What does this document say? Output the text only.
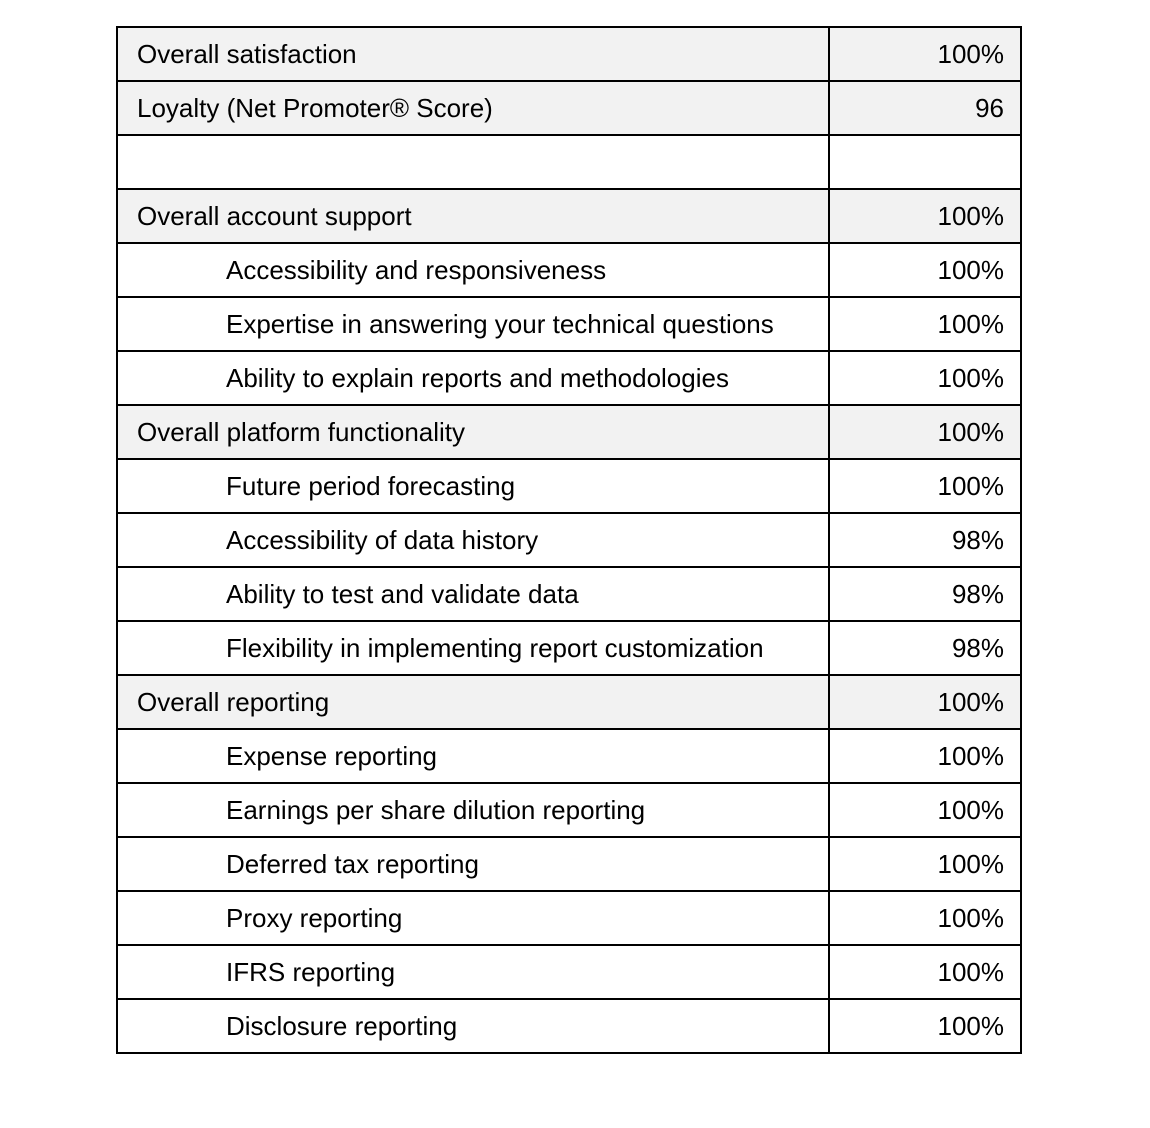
Overall satisfaction	100%
Loyalty (Net Promoter® Score)	96

Overall account support	100%
Accessibility and responsiveness	100%
Expertise in answering your technical questions	100%
Ability to explain reports and methodologies	100%
Overall platform functionality	100%
Future period forecasting	100%
Accessibility of data history	98%
Ability to test and validate data	98%
Flexibility in implementing report customization	98%
Overall reporting	100%
Expense reporting	100%
Earnings per share dilution reporting	100%
Deferred tax reporting	100%
Proxy reporting	100%
IFRS reporting	100%
Disclosure reporting	100%
